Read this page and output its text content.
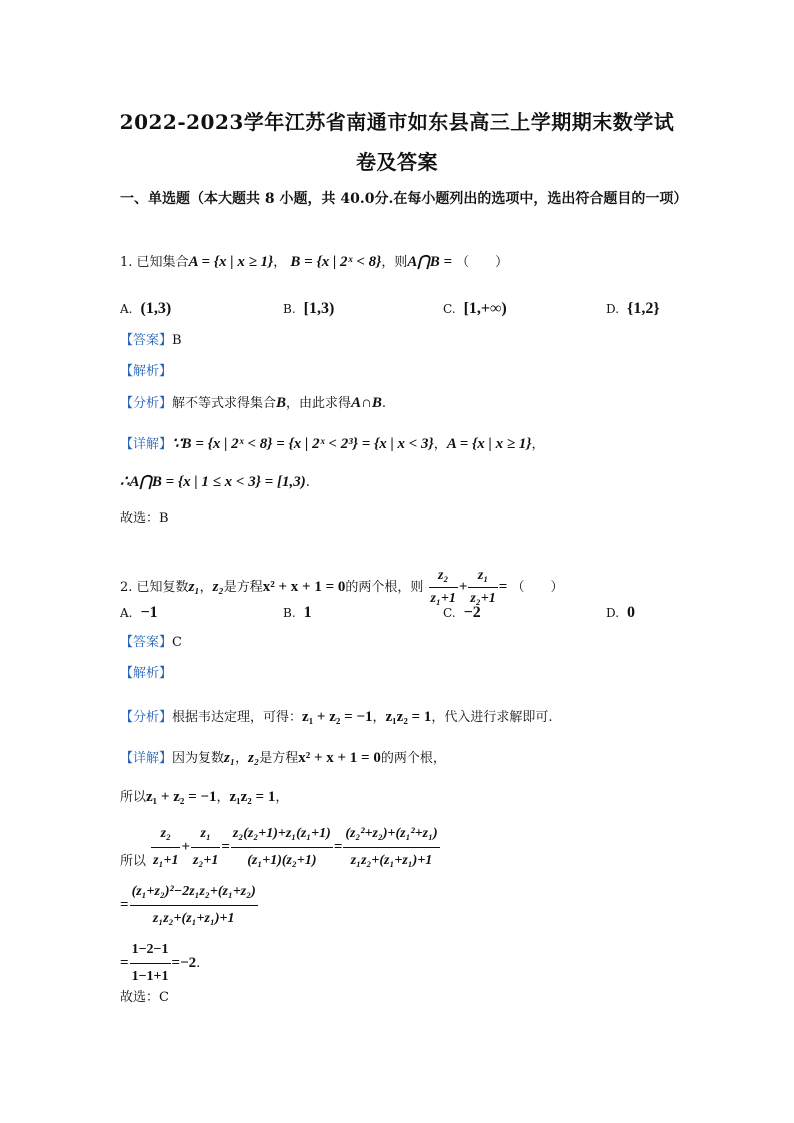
2022-2023学年江苏省南通市如东县高三上学期期末数学试
卷及答案
一、单选题（本大题共 8 小题，共 40.0分.在每小题列出的选项中，选出符合题目的一项）
1. 已知集合A = {x | x ≥ 1}， B = {x | 2ˣ < 8}，则A⋂B = （　　）
A. (1,3)	B. [1,3)	C. [1,+∞)	D. {1,2}
【答案】B
【解析】
【分析】解不等式求得集合B，由此求得A∩B.
【详解】∵B = {x | 2ˣ < 8} = {x | 2ˣ < 2³} = {x | x < 3}，A = {x | x ≥ 1}，
∴A⋂B = {x | 1 ≤ x < 3} = [1,3).
故选：B
2. 已知复数z₁，z₂是方程x² + x + 1 = 0的两个根，则 $\frac{\text{z₂}}{\text{z₁+1}} + \frac{\text{z₁}}{\text{z₂+1}}$ = （　　）
A. −1	B. 1	C. −2	D. 0
【答案】C
【解析】
【分析】根据韦达定理，可得：z₁ + z₂ = −1，z₁z₂ = 1，代入进行求解即可.
【详解】因为复数z₁，z₂是方程x² + x + 1 = 0的两个根，
所以z₁ + z₂ = −1，z₁z₂ = 1，
所以 $\frac{\text{z₂}}{\text{z₁+1}} + \frac{\text{z₁}}{\text{z₂+1}} = \frac{\text{z₂(z₂+1)+z₁(z₁+1)}}{\text{(z₁+1)(z₂+1)}} = \frac{\text{(z₂²+z₂)+(z₁²+z₁)}}{\text{z₁z₂+(z₁+z₁)+1}}$
= $\frac{\text{(z₁+z₂)²−2z₁z₂+(z₁+z₂)}}{\text{z₁z₂+(z₁+z₁)+1}}$
= $\frac{1-2-1}{1-1+1} =-2$.
故选：C
